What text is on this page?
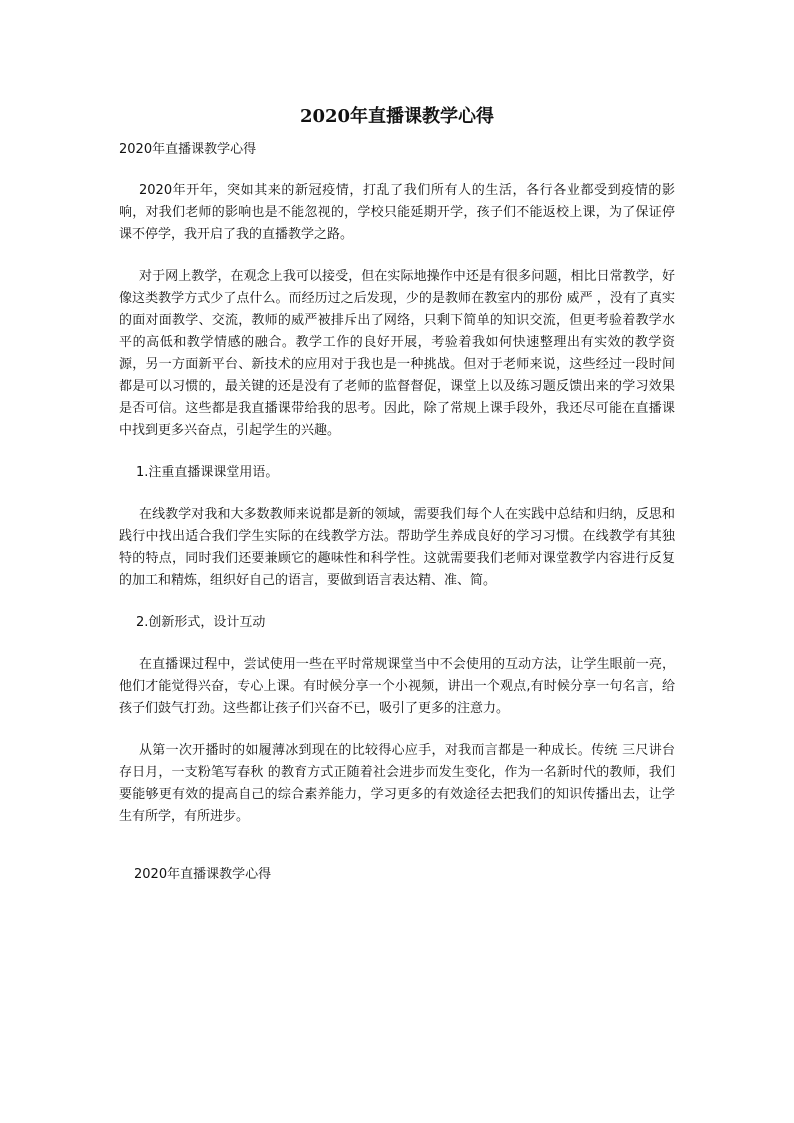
2020年直播课教学心得

2020年直播课教学心得

2020年开年，突如其来的新冠疫情，打乱了我们所有人的生活，各行各业都受到疫情的影响，对我们老师的影响也是不能忽视的，学校只能延期开学，孩子们不能返校上课，为了保证停课不停学，我开启了我的直播教学之路。

对于网上教学，在观念上我可以接受，但在实际地操作中还是有很多问题，相比日常教学，好像这类教学方式少了点什么。而经历过之后发现，少的是教师在教室内的那份 威严 ，没有了真实的面对面教学、交流，教师的威严被排斥出了网络，只剩下简单的知识交流，但更考验着教学水平的高低和教学情感的融合。教学工作的良好开展，考验着我如何快速整理出有实效的教学资源，另一方面新平台、新技术的应用对于我也是一种挑战。但对于老师来说，这些经过一段时间都是可以习惯的，最关键的还是没有了老师的监督督促，课堂上以及练习题反馈出来的学习效果是否可信。这些都是我直播课带给我的思考。因此，除了常规上课手段外，我还尽可能在直播课中找到更多兴奋点，引起学生的兴趣。

1.注重直播课课堂用语。

在线教学对我和大多数教师来说都是新的领域，需要我们每个人在实践中总结和归纳，反思和践行中找出适合我们学生实际的在线教学方法。帮助学生养成良好的学习习惯。在线教学有其独特的特点，同时我们还要兼顾它的趣味性和科学性。这就需要我们老师对课堂教学内容进行反复的加工和精炼，组织好自己的语言，要做到语言表达精、准、简。

2.创新形式，设计互动

在直播课过程中，尝试使用一些在平时常规课堂当中不会使用的互动方法，让学生眼前一亮，他们才能觉得兴奋，专心上课。有时候分享一个小视频，讲出一个观点,有时候分享一句名言，给孩子们鼓气打劲。这些都让孩子们兴奋不已，吸引了更多的注意力。

从第一次开播时的如履薄冰到现在的比较得心应手，对我而言都是一种成长。传统 三尺讲台存日月，一支粉笔写春秋 的教育方式正随着社会进步而发生变化，作为一名新时代的教师，我们要能够更有效的提高自己的综合素养能力，学习更多的有效途径去把我们的知识传播出去，让学生有所学，有所进步。

2020年直播课教学心得
